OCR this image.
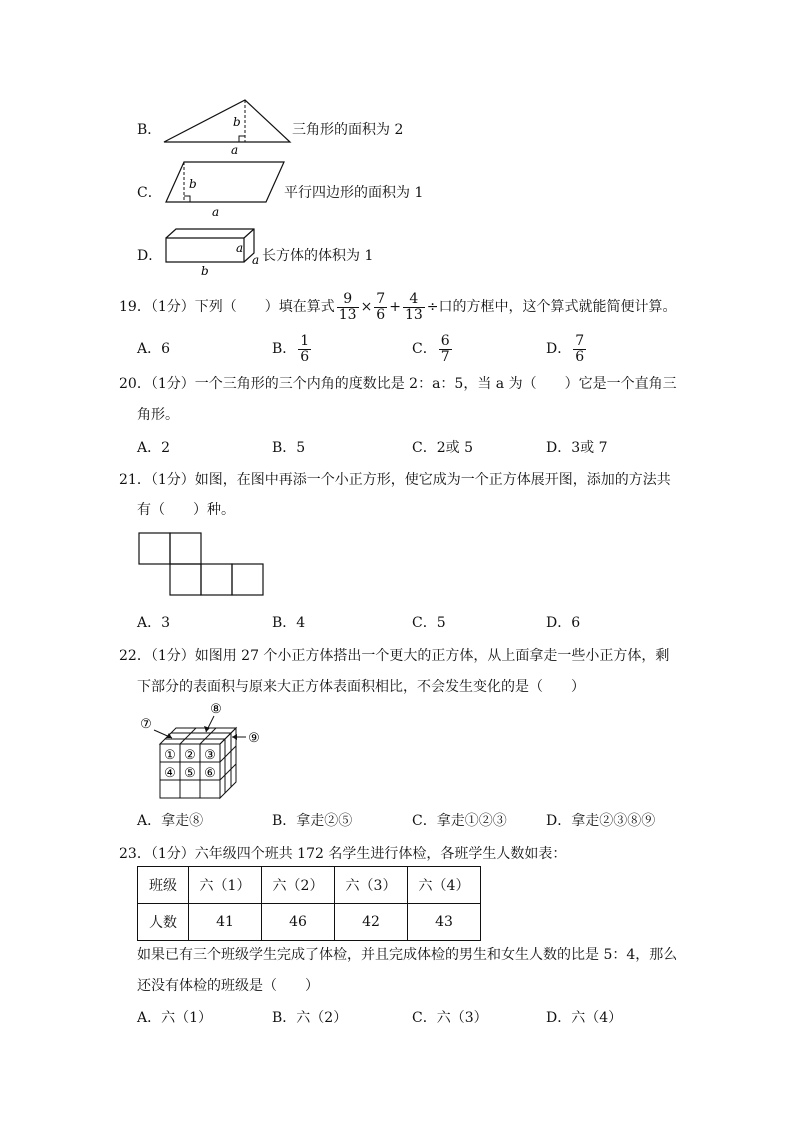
B．	b
a
三角形的面积为 2
C．
b
a
平行四边形的面积为 1
D．	a
a
b
长方体的体积为 1
19．（1分）下列（　　）填在算式 $\frac{9}{13} \times \frac{7}{6} + \frac{4}{13}$ ÷口的方框中，这个算式就能简便计算。
A．6	B． $\frac{1}{6}$	C． $\frac{6}{7}$	D． $\frac{7}{6}$
20．（1分）一个三角形的三个内角的度数比是 2：a：5，当 a 为（　　）它是一个直角三
角形。
A．2	B．5	C．2或 5	D．3或 7
21．（1分）如图，在图中再添一个小正方形，使它成为一个正方体展开图，添加的方法共
有（　　）种。
A．3	B．4	C．5	D．6
22．（1分）如图用 27 个小正方体搭出一个更大的正方体，从上面拿走一些小正方体，剩
下部分的表面积与原来大正方体表面积相比，不会发生变化的是（　　）
① ② ③
④ ⑤ ⑥
⑦
⑧
⑨
A．拿走⑧	B．拿走②⑤	C．拿走①②③	D．拿走②③⑧⑨
23．（1分）六年级四个班共 172 名学生进行体检，各班学生人数如表：
班级	六（1）	六（2）	六（3）	六（4）
人数	41	46	42	43
如果已有三个班级学生完成了体检，并且完成体检的男生和女生人数的比是 5：4，那么
还没有体检的班级是（　　）
A．六（1）	B．六（2）	C．六（3）	D．六（4）
